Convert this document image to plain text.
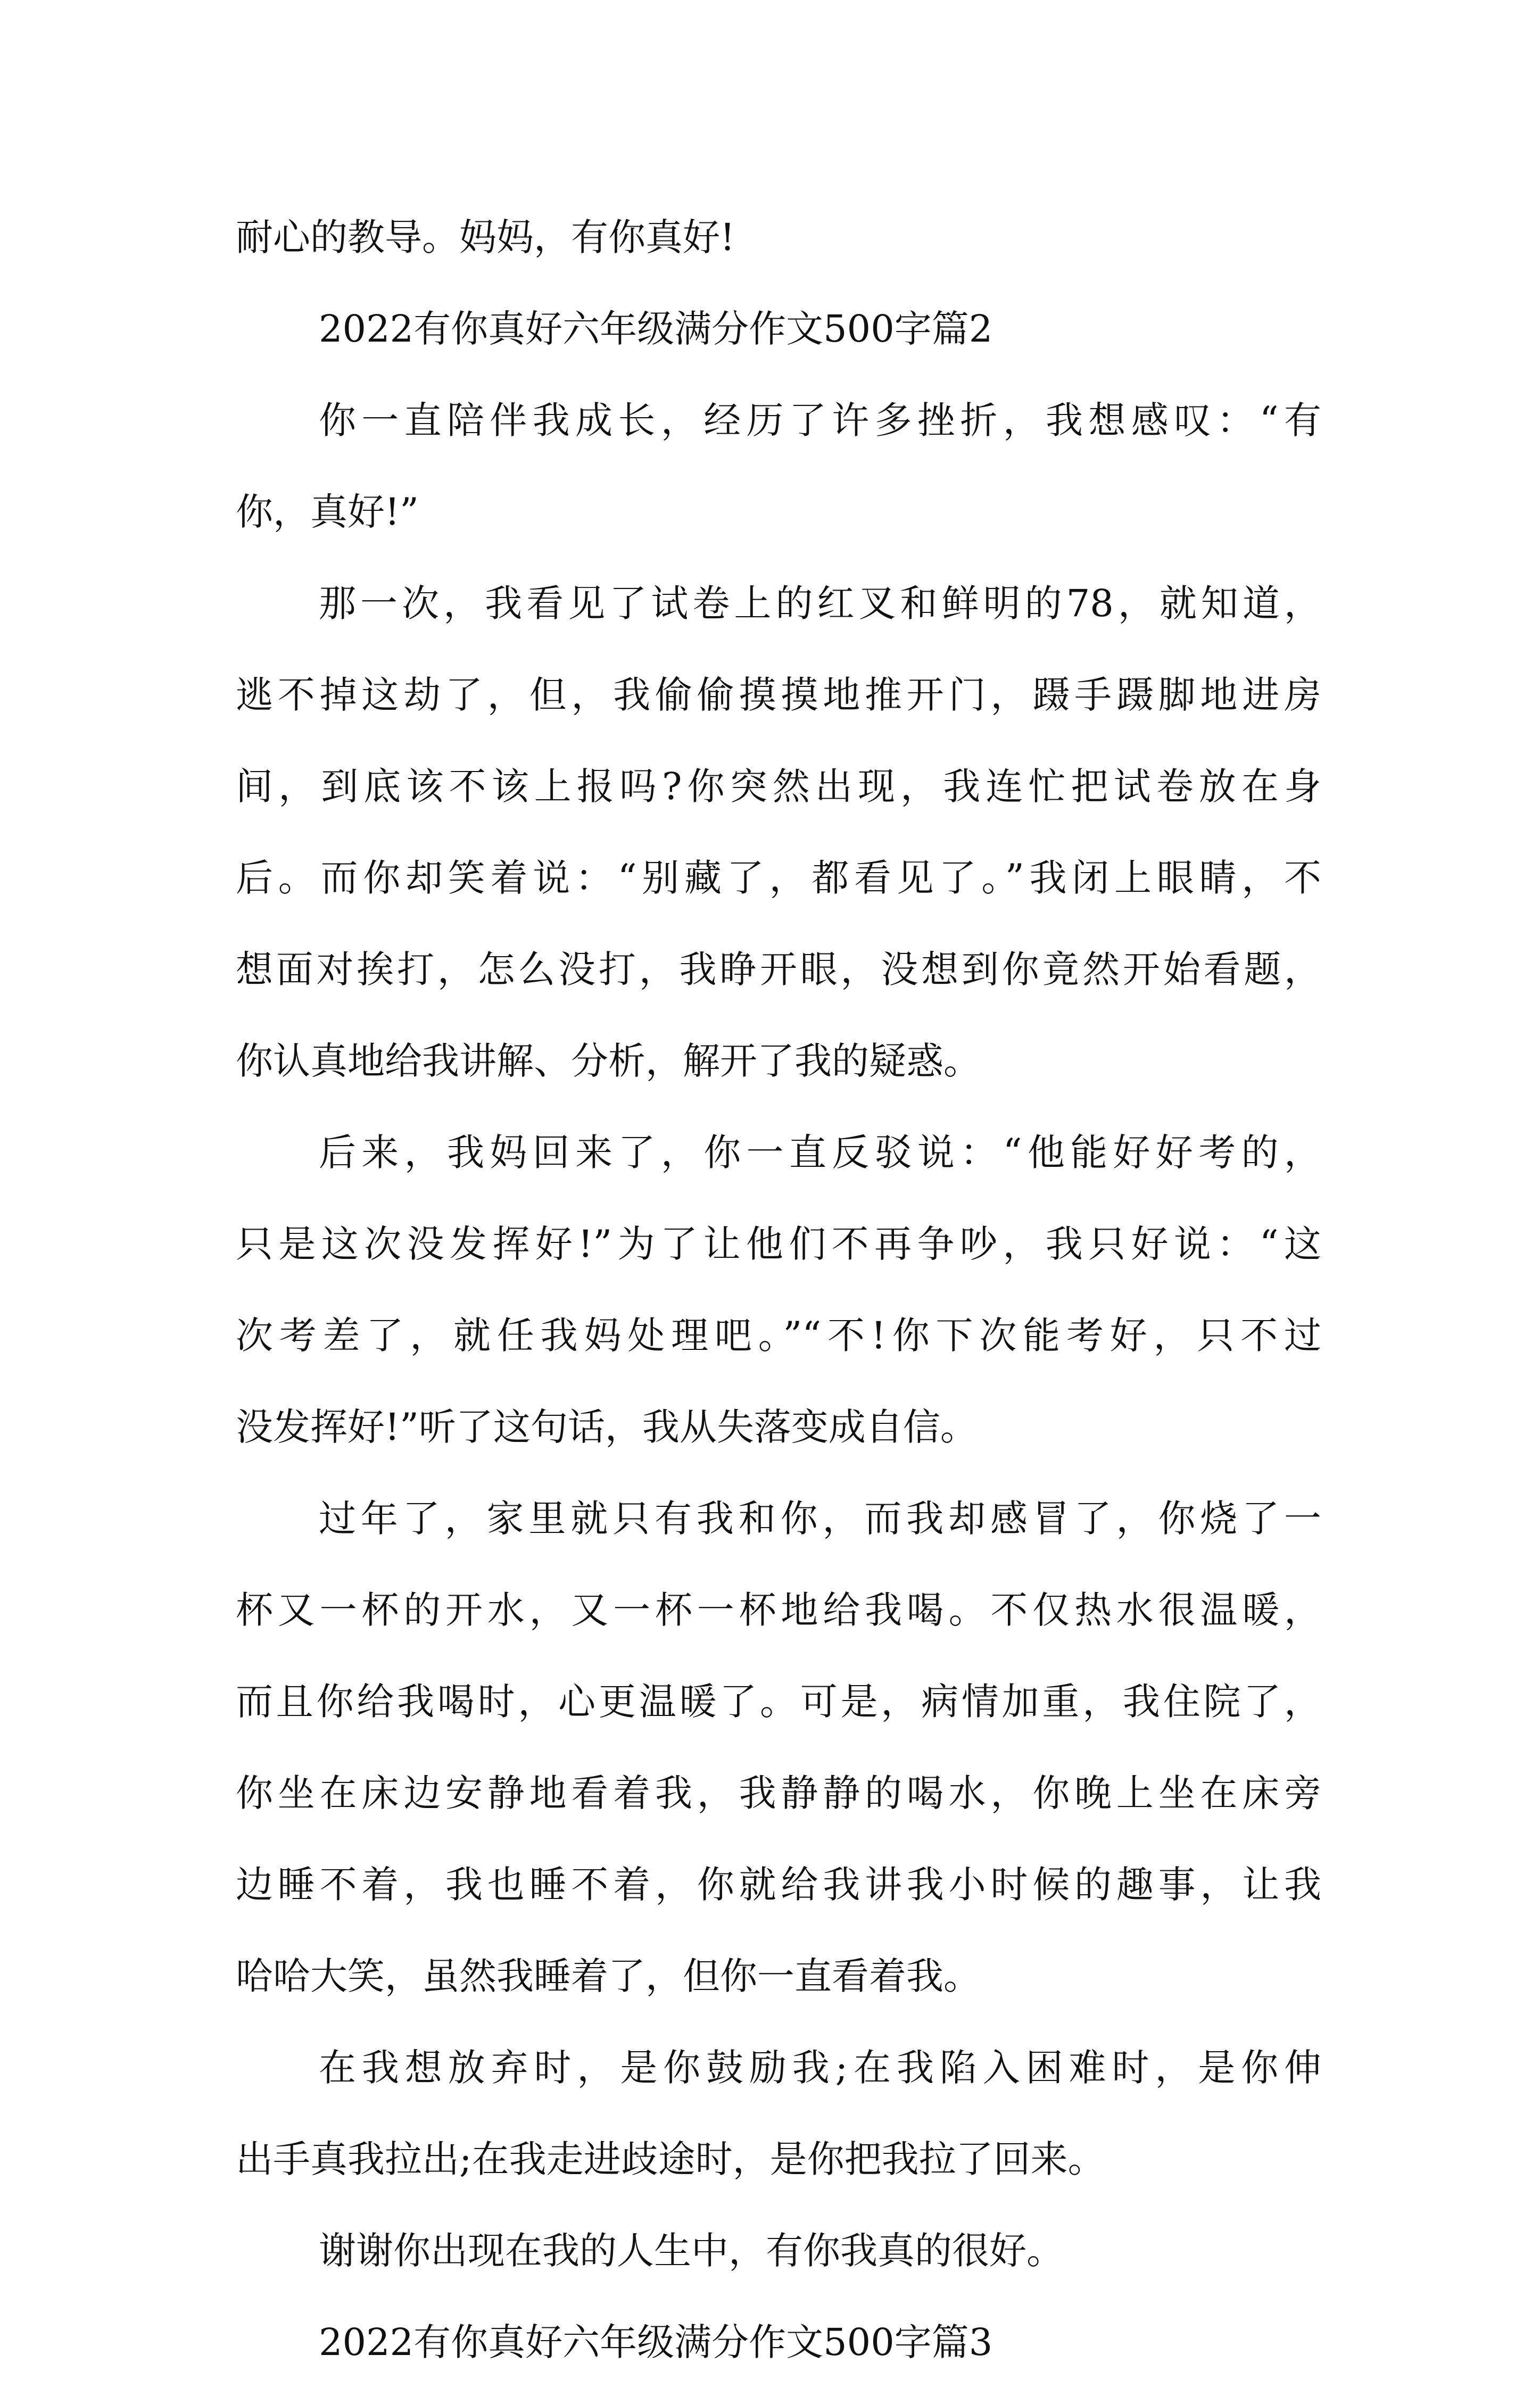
耐心的教导。妈妈，有你真好!
2022有你真好六年级满分作文500字篇2
你一直陪伴我成长，经历了许多挫折，我想感叹：“有
你，真好!”
那一次，我看见了试卷上的红叉和鲜明的78，就知道，
逃不掉这劫了，但，我偷偷摸摸地推开门，蹑手蹑脚地进房
间，到底该不该上报吗?你突然出现，我连忙把试卷放在身
后。而你却笑着说：“别藏了，都看见了。”我闭上眼睛，不
想面对挨打，怎么没打，我睁开眼，没想到你竟然开始看题，
你认真地给我讲解、分析，解开了我的疑惑。
后来，我妈回来了，你一直反驳说：“他能好好考的，
只是这次没发挥好!”为了让他们不再争吵，我只好说：“这
次考差了，就任我妈处理吧。”“不!你下次能考好，只不过
没发挥好!”听了这句话，我从失落变成自信。
过年了，家里就只有我和你，而我却感冒了，你烧了一
杯又一杯的开水，又一杯一杯地给我喝。不仅热水很温暖，
而且你给我喝时，心更温暖了。可是，病情加重，我住院了，
你坐在床边安静地看着我，我静静的喝水，你晚上坐在床旁
边睡不着，我也睡不着，你就给我讲我小时候的趣事，让我
哈哈大笑，虽然我睡着了，但你一直看着我。
在我想放弃时，是你鼓励我;在我陷入困难时，是你伸
出手真我拉出;在我走进歧途时，是你把我拉了回来。
谢谢你出现在我的人生中，有你我真的很好。
2022有你真好六年级满分作文500字篇3
